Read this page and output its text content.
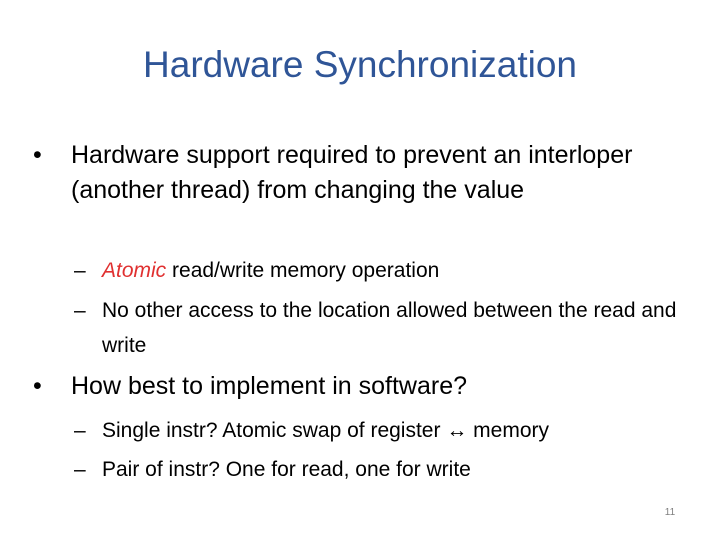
Hardware Synchronization
• Hardware support required to prevent an interloper (another thread) from changing the value
– Atomic read/write memory operation
– No other access to the location allowed between the read and write
• How best to implement in software?
– Single instr? Atomic swap of register ↔ memory
– Pair of instr? One for read, one for write
11
